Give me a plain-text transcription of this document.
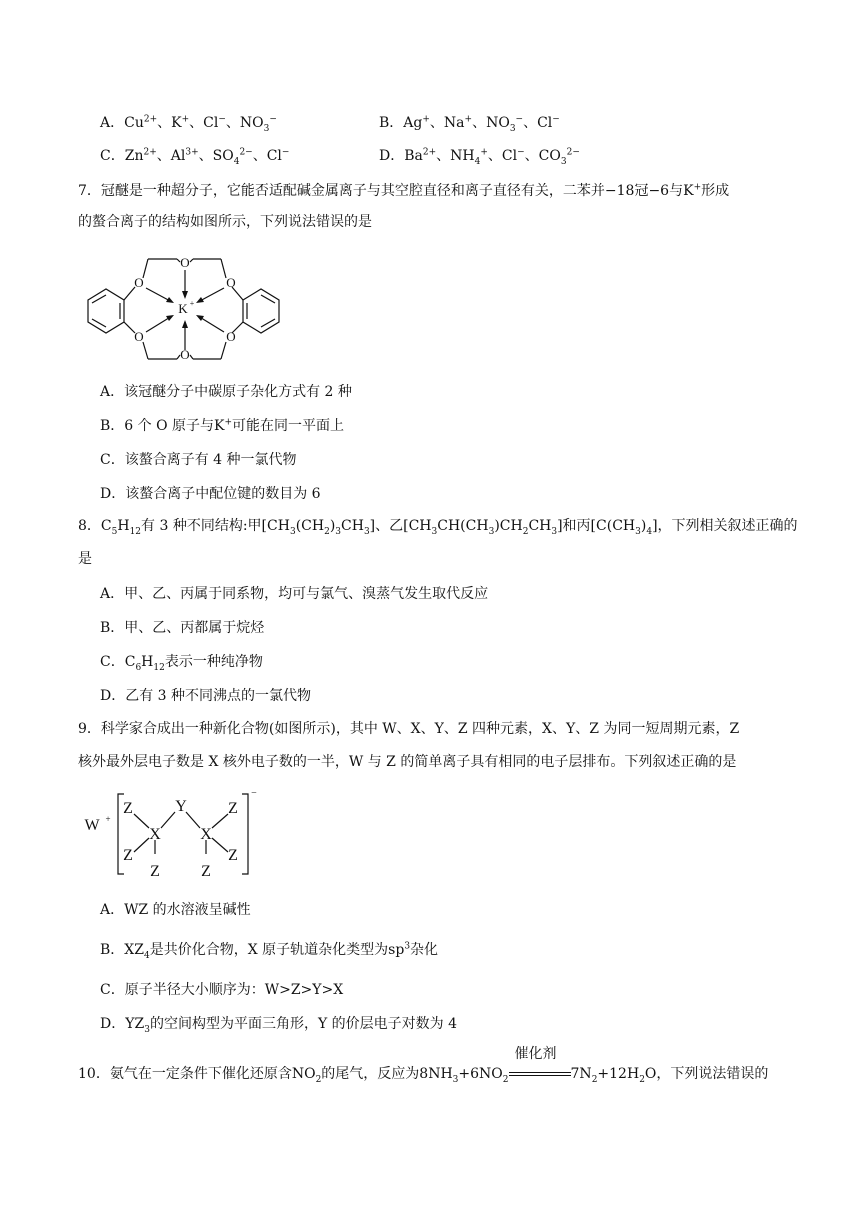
A．$Cu^{2+}$、K+、Cl−、$NO_3^-$	B．Ag+、Na+、$NO_3^-$、Cl−
C．$Zn^{2+}$、$Al^{3+}$、$SO_4^{2-}$、Cl−	D．$Ba^{2+}$、$NH_4^+$、Cl−、$CO_3^{2-}$
7．冠醚是一种超分子，它能否适配碱金属离子与其空腔直径和离子直径有关，二苯并−18冠−6与K+形成
的螯合离子的结构如图所示，下列说法错误的是
O	O
O
O	O
O
K +
A．该冠醚分子中碳原子杂化方式有 2 种
B．6 个 O 原子与K+可能在同一平面上
C．该螯合离子有 4 种一氯代物
D．该螯合离子中配位键的数目为 6
8．$C_5H_{12}$有 3 种不同结构:甲$[CH_3(CH_2)_3CH_3]$、乙$[CH_3CH(CH_3)CH_2CH_3]$和丙$[C(CH_3)_4]$，下列相关叙述正确的
是
A．甲、乙、丙属于同系物，均可与氯气、溴蒸气发生取代反应
B．甲、乙、丙都属于烷烃
C．$C_6H_{12}$表示一种纯净物
D．乙有 3 种不同沸点的一氯代物
9．科学家合成出一种新化合物(如图所示)，其中 W、X、Y、Z 四种元素，X、Y、Z 为同一短周期元素，Z
核外最外层电子数是 X 核外电子数的一半，W 与 Z 的简单离子具有相同的电子层排布。下列叙述正确的是
W +
Z
X
Y
X
Z
Z
Z	Z
Z
−
A．WZ 的水溶液呈碱性
B．$XZ_4$是共价化合物，X 原子轨道杂化类型为$sp^3$杂化
C．原子半径大小顺序为：W>Z>Y>X
D．$YZ_3$的空间构型为平面三角形，Y 的价层电子对数为 4
10．氨气在一定条件下催化还原含$NO_2$的尾气，反应为$8NH_3+6NO_2$
催化剂
$7N_2+12H_2O$，下列说法错误的
